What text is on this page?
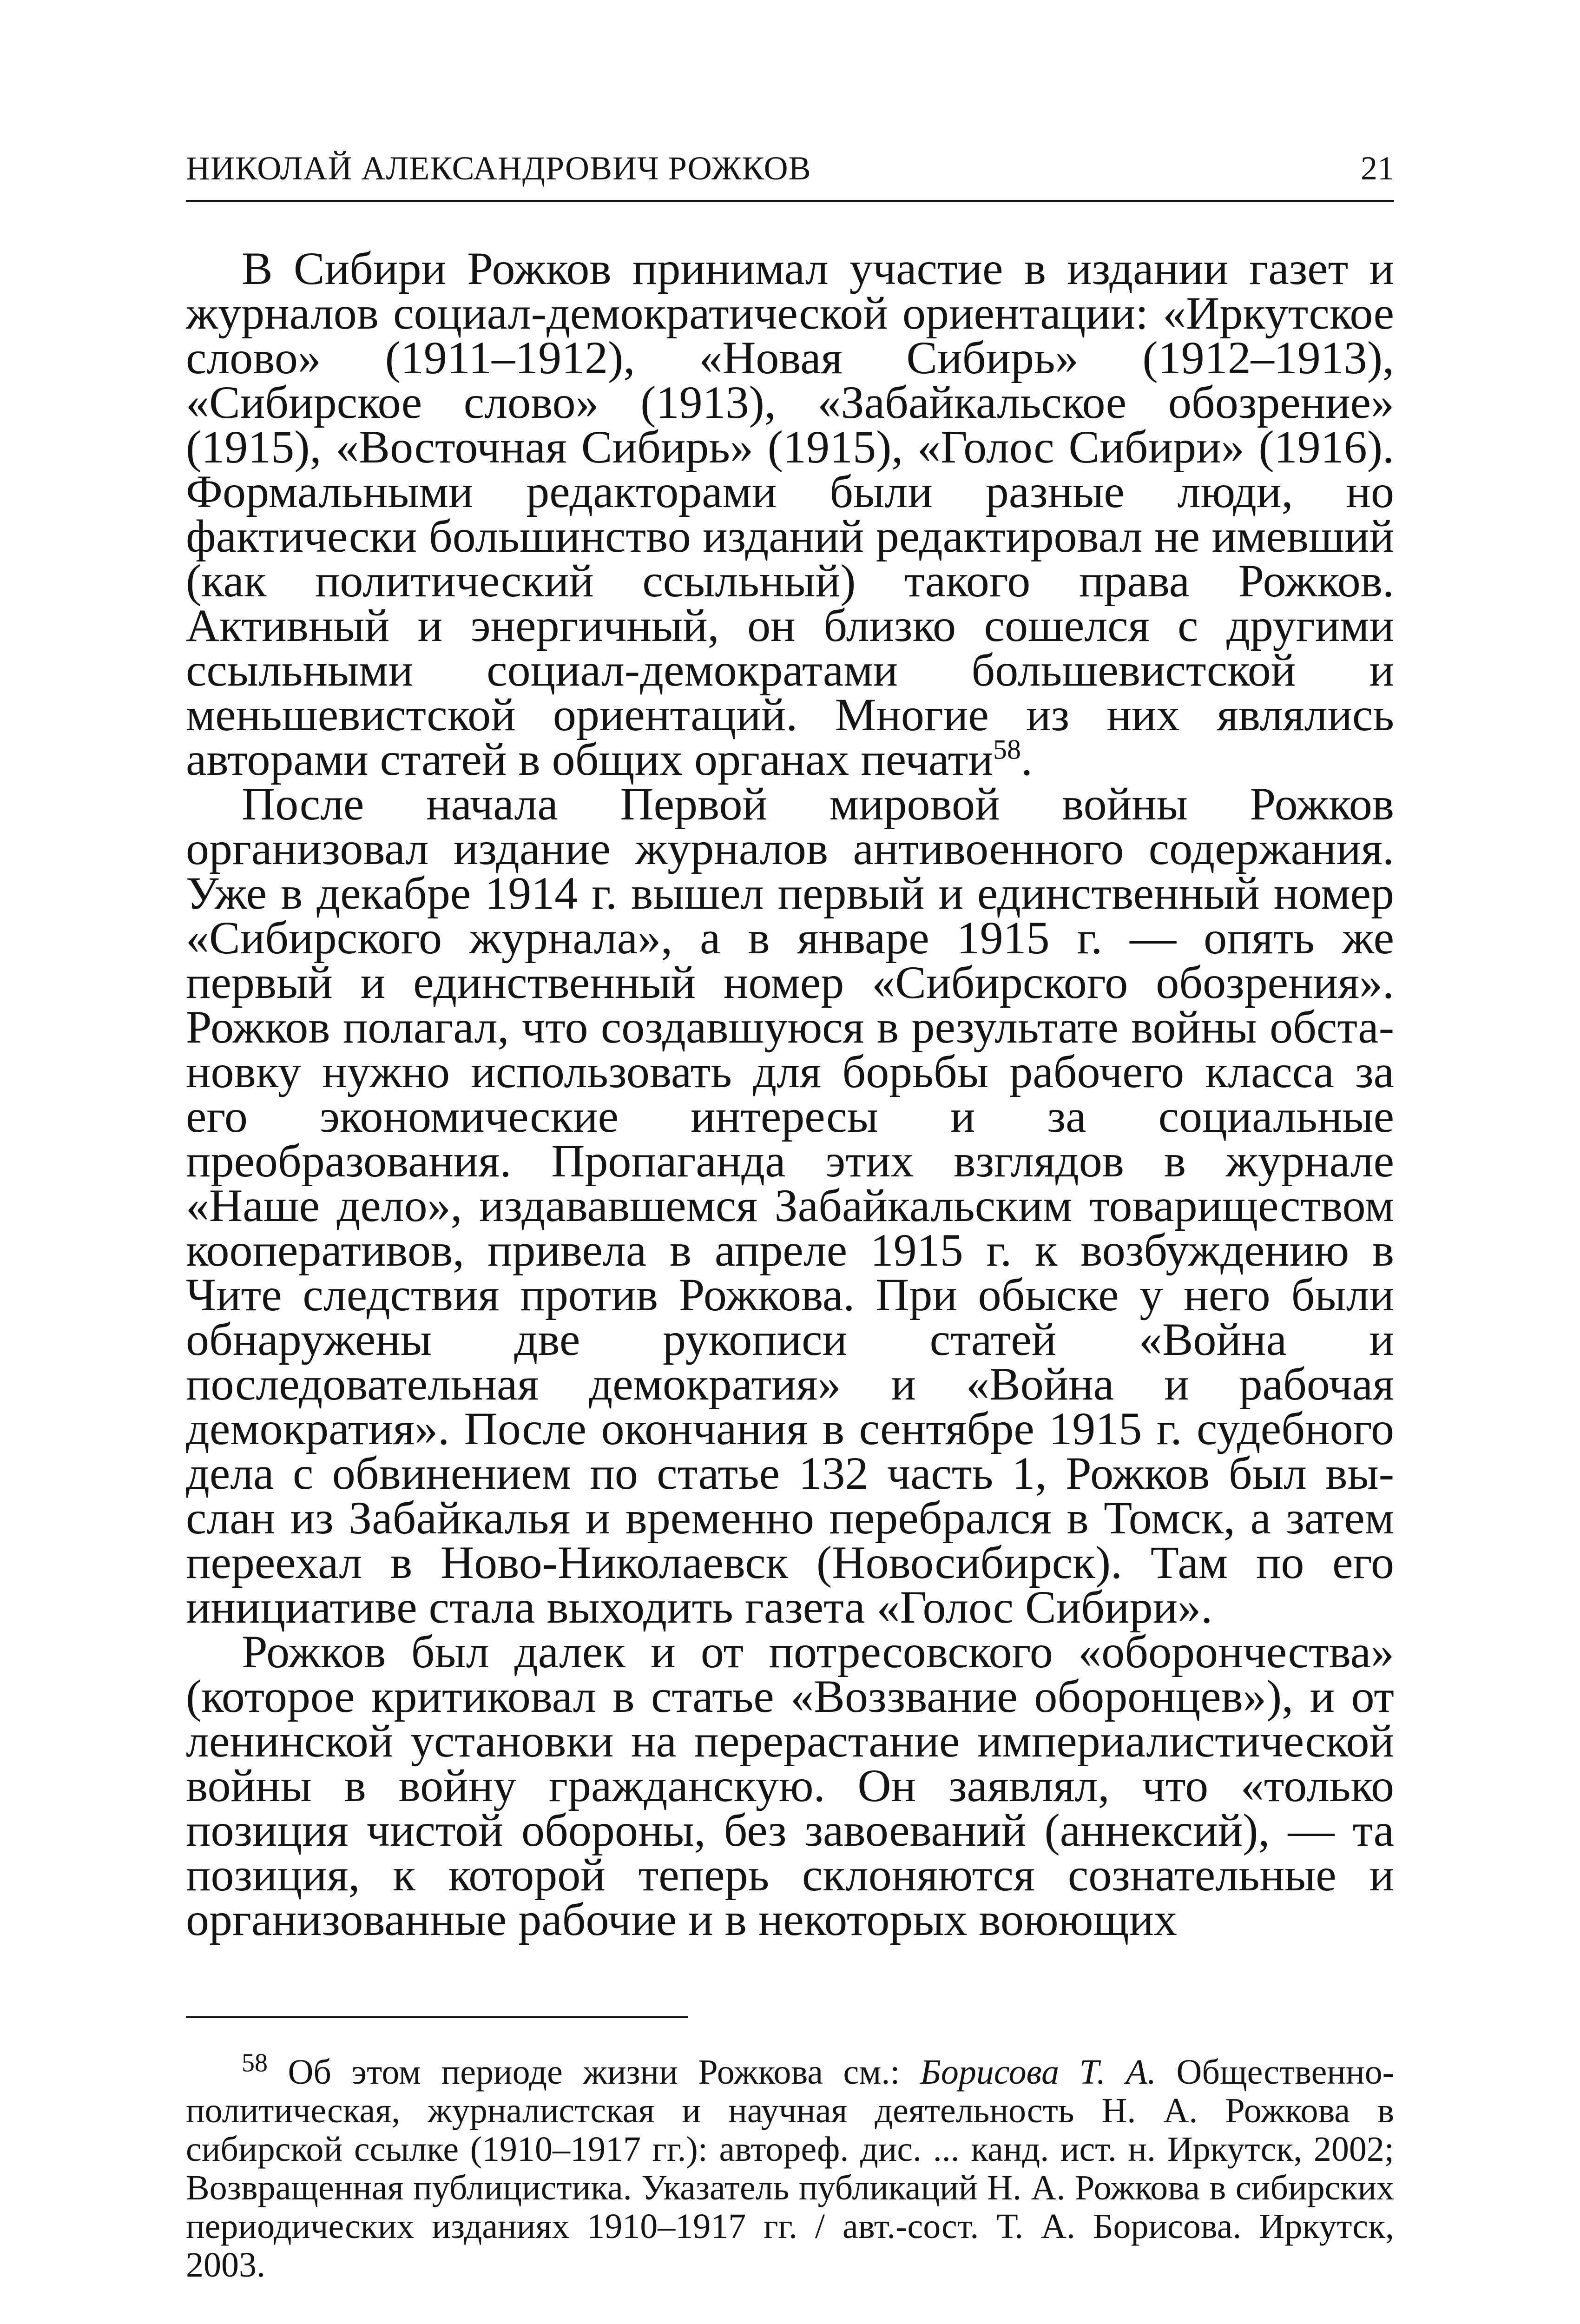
НИКОЛАЙ АЛЕКСАНДРОВИЧ РОЖКОВ	21

В Сибири Рожков принимал участие в издании газет и журналов социал-демократической ориентации: «Иркутское слово» (1911–1912), «Новая Сибирь» (1912–1913), «Сибирское слово» (1913), «Забайкальское обозрение» (1915), «Восточная Сибирь» (1915), «Голос Сибири» (1916). Формальными редакторами были разные люди, но фактически большинство изданий редактировал не имевший (как политический ссыльный) такого права Рожков. Активный и энергичный, он близко сошелся с другими ссыльными социал-демократами большевистской и меньшевистской ориентаций. Многие из них являлись авторами статей в общих органах печати$^{58}$.

После начала Первой мировой войны Рожков организовал издание журналов антивоенного содержания. Уже в декабре 1914 г. вышел первый и единственный номер «Сибирского журнала», а в январе 1915 г. — опять же первый и единственный номер «Сибирского обозрения». Рожков полагал, что создавшуюся в результате войны обстановку нужно использовать для борьбы рабочего класса за его экономические интересы и за социальные преобразования. Пропаганда этих взглядов в журнале «Наше дело», издававшемся Забайкальским товариществом кооперативов, привела в апреле 1915 г. к возбуждению в Чите следствия против Рожкова. При обыске у него были обнаружены две рукописи статей «Война и последовательная демократия» и «Война и рабочая демократия». После окончания в сентябре 1915 г. судебного дела с обвинением по статье 132 часть 1, Рожков был выслан из Забайкалья и временно перебрался в Томск, а затем переехал в Ново-Николаевск (Новосибирск). Там по его инициативе стала выходить газета «Голос Сибири».

Рожков был далек и от потресовского «оборончества» (которое критиковал в статье «Воззвание оборонцев»), и от ленинской установки на перерастание империалистической войны в войну гражданскую. Он заявлял, что «только позиция чистой обороны, без завоеваний (аннексий), — та позиция, к которой теперь склоняются сознательные и организованные рабочие и в некоторых воюющих

$^{58}$ Об этом периоде жизни Рожкова см.: Борисова Т. А. Общественно-политическая, журналистская и научная деятельность Н. А. Рожкова в сибирской ссылке (1910–1917 гг.): автореф. дис. ... канд. ист. н. Иркутск, 2002; Возвращенная публицистика. Указатель публикаций Н. А. Рожкова в сибирских периодических изданиях 1910–1917 гг. / авт.-сост. Т. А. Борисова. Иркутск, 2003.
